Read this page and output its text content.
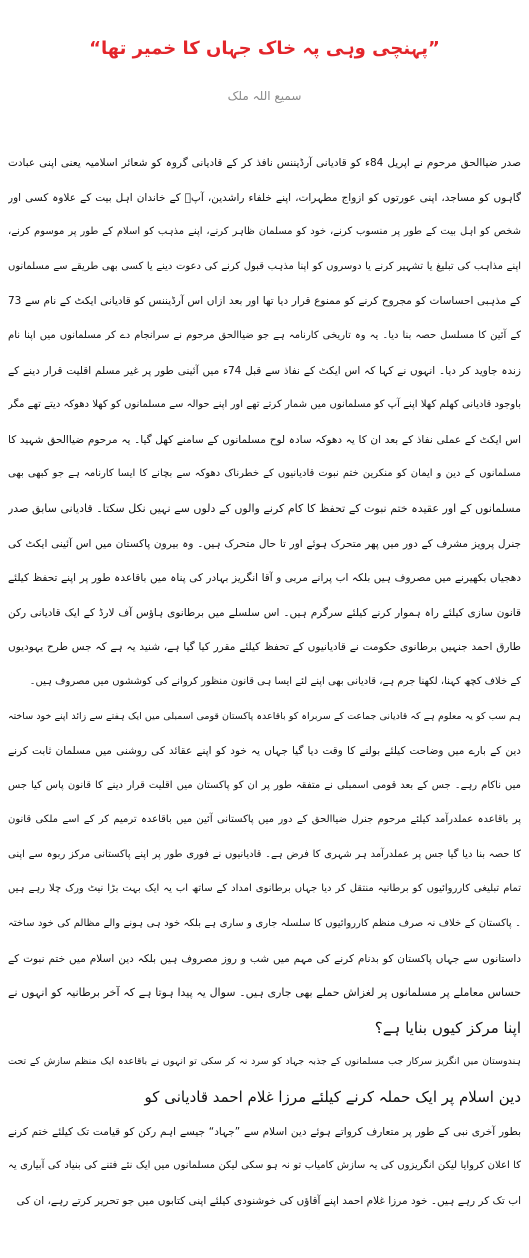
”پہنچی وہی پہ خاک جہاں کا خمیر تھا“
سمیع اللہ ملک
صدر ضیاالحق مرحوم نے اپریل 84ء کو قادیانی آرڈیننس نافذ کر کے قادیانی گروہ کو شعائر اسلامیہ یعنی اپنی عبادت
گاہوں کو مساجد، اپنی عورتوں کو ازواج مطہرات، اپنے خلفاء راشدین، آپؐ کے خاندان اہل بیت کے علاوہ کسی اور
شخص کو اہل بیت کے طور پر منسوب کرنے، خود کو مسلمان ظاہر کرنے، اپنے مذہب کو اسلام کے طور پر موسوم کرنے،
اپنے مذاہب کی تبلیغ یا تشہیر کرنے یا دوسروں کو اپنا مذہب قبول کرنے کی دعوت دینے یا کسی بھی طریقے سے مسلمانوں
کے مذہبی احساسات کو مجروح کرنے کو ممنوع قرار دیا تھا اور بعد ازاں اس آرڈیننس کو قادیانی ایکٹ کے نام سے 73
کے آئین کا مسلسل حصہ بنا دیا۔ یہ وہ تاریخی کارنامہ ہے جو ضیاالحق مرحوم نے سرانجام دے کر مسلمانوں میں اپنا نام
زندہ جاوید کر دیا۔ انہوں نے کہا کہ اس ایکٹ کے نفاذ سے قبل 74ء میں آئینی طور پر غیر مسلم اقلیت قرار دینے کے
باوجود قادیانی کھلم کھلا اپنے آپ کو مسلمانوں میں شمار کرتے تھے اور اپنے حوالہ سے مسلمانوں کو کھلا دھوکہ دیتے تھے مگر
اس ایکٹ کے عملی نفاذ کے بعد ان کا یہ دھوکہ سادہ لوح مسلمانوں کے سامنے کھل گیا۔ یہ مرحوم ضیاالحق شہید کا
مسلمانوں کے دین و ایمان کو منکرین ختم نبوت قادیانیوں کے خطرناک دھوکہ سے بچانے کا ایسا کارنامہ ہے جو کبھی بھی
مسلمانوں کے اور عقیدہ ختم نبوت کے تحفظ کا کام کرنے والوں کے دلوں سے نہیں نکل سکتا۔ قادیانی سابق صدر
جنرل پرویز مشرف کے دور میں پھر متحرک ہوئے اور تا حال متحرک ہیں۔ وہ بیرون پاکستان میں اس آئینی ایکٹ کی
دھجیاں بکھیرنے میں مصروف ہیں بلکہ اب پرانے مربی و آقا انگریز بہادر کی پناہ میں باقاعدہ طور پر اپنے تحفظ کیلئے
قانون سازی کیلئے راہ ہموار کرنے کیلئے سرگرم ہیں۔ اس سلسلے میں برطانوی ہاؤس آف لارڈ کے ایک قادیانی رکن
طارق احمد جنہیں برطانوی حکومت نے قادیانیوں کے تحفظ کیلئے مقرر کیا گیا ہے، شنید یہ ہے کہ جس طرح یہودیوں
کے خلاف کچھ کہنا، لکھنا جرم ہے، قادیانی بھی اپنے لئے ایسا ہی قانون منظور کروانے کی کوششوں میں مصروف ہیں۔
ہم سب کو یہ معلوم ہے کہ قادیانی جماعت کے سربراہ کو باقاعدہ پاکستان قومی اسمبلی میں ایک ہفتے سے زائد اپنے خود ساختہ
دین کے بارے میں وضاحت کیلئے بولنے کا وقت دیا گیا جہاں یہ خود کو اپنے عقائد کی روشنی میں مسلمان ثابت کرنے
میں ناکام رہے۔ جس کے بعد قومی اسمبلی نے متفقہ طور پر ان کو پاکستان میں اقلیت قرار دینے کا قانون پاس کیا جس
پر باقاعدہ عملدرآمد کیلئے مرحوم جنرل ضیاالحق کے دور میں پاکستانی آئین میں باقاعدہ ترمیم کر کے اسے ملکی قانون
کا حصہ بنا دیا گیا جس پر عملدرآمد ہر شہری کا فرض ہے۔ قادیانیوں نے فوری طور پر اپنے پاکستانی مرکز ربوہ سے اپنی
تمام تبلیغی کارروائیوں کو برطانیہ منتقل کر دیا جہاں برطانوی امداد کے ساتھ اب یہ ایک بہت بڑا نیٹ ورک چلا رہے ہیں
۔ پاکستان کے خلاف نہ صرف منظم کارروائیوں کا سلسلہ جاری و ساری ہے بلکہ خود ہی ہونے والے مظالم کی خود ساختہ
داستانوں سے جہاں پاکستان کو بدنام کرنے کی مہم میں شب و روز مصروف ہیں بلکہ دین اسلام میں ختم نبوت کے
حساس معاملے پر مسلمانوں پر لغزاش حملے بھی جاری ہیں۔ سوال یہ پیدا ہوتا ہے کہ آخر برطانیہ کو انہوں نے
اپنا مرکز کیوں بنایا ہے؟
ہندوستان میں انگریز سرکار جب مسلمانوں کے جذبہ جہاد کو سرد نہ کر سکی تو انہوں نے باقاعدہ ایک منظم سازش کے تحت
دین اسلام پر ایک حملہ کرنے کیلئے مرزا غلام احمد قادیانی کو
بطور آخری نبی کے طور پر متعارف کرواتے ہوئے دین اسلام سے ”جہاد“ جیسے اہم رکن کو قیامت تک کیلئے ختم کرنے
کا اعلان کروایا لیکن انگریزوں کی یہ سازش کامیاب تو نہ ہو سکی لیکن مسلمانوں میں ایک نئے فتنے کی بنیاد کی آبیاری یہ
اب تک کر رہے ہیں۔ خود مرزا غلام احمد اپنے آقاؤں کی خوشنودی کیلئے اپنی کتابوں میں جو تحریر کرتے رہے، ان کی
